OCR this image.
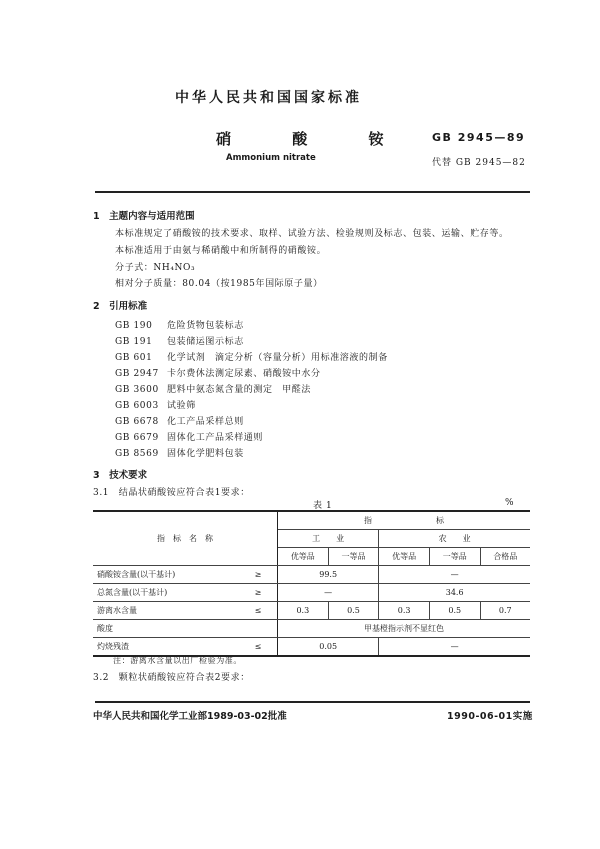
中华人民共和国国家标准
硝 酸 铵 GB 2945—89
Ammonium nitrate	代替 GB 2945—82
1　主题内容与适用范围
本标准规定了硝酸铵的技术要求、取样、试验方法、检验规则及标志、包装、运输、贮存等。
本标准适用于由氨与稀硝酸中和所制得的硝酸铵。
分子式：NH₄NO₃
相对分子质量：80.04（按1985年国际原子量）
2　引用标准
GB 190 危险货物包装标志
GB 191 包装储运图示标志
GB 601 化学试剂　滴定分析（容量分析）用标准溶液的制备
GB 2947 卡尔费休法测定尿素、硝酸铵中水分
GB 3600 肥料中氨态氮含量的测定　甲醛法
GB 6003 试验筛
GB 6678 化工产品采样总则
GB 6679 固体化工产品采样通则
GB 8569 固体化学肥料包装
3　技术要求
3.1　结晶状硝酸铵应符合表1要求：
表 1	%
指　标　名　称		指　　　　　　　　标				
		工　　业		农　　业		
		优等品	一等品	优等品	一等品	合格品
硝酸铵含量(以干基计)	≥	99.5		—		
总氮含量(以干基计)	≥	—		34.6		
游离水含量	≤	0.3	0.5	0.3	0.5	0.7
酸度		甲基橙指示剂不显红色				
灼烧残渣	≤	0.05		—		
注：游离水含量以出厂检验为准。
3.2　颗粒状硝酸铵应符合表2要求：
中华人民共和国化学工业部1989-03-02批准	1990-06-01实施
